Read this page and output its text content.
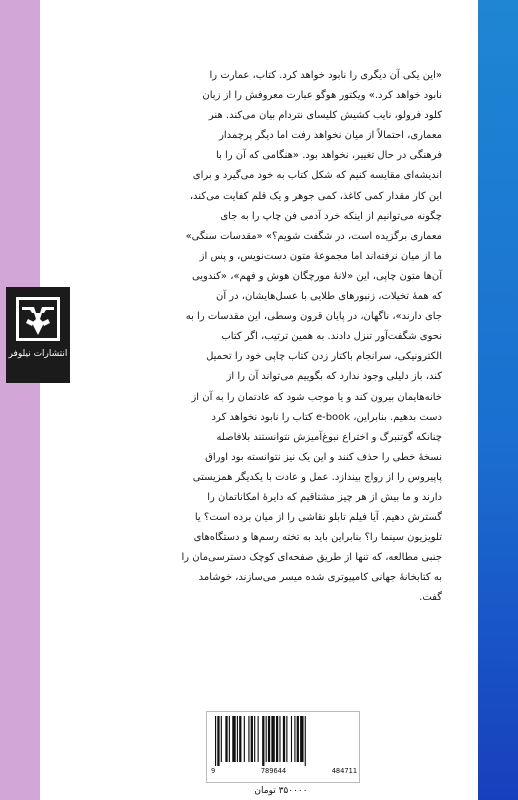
انتشارات نیلوفر
«این یکی آن دیگری را نابود خواهد کرد. کتاب، عمارت را
نابود خواهد کرد.» ویکتور هوگو عبارت معروفش را از زبان
کلود فرولو، نایب کشیش کلیسای نتردام بیان می‌کند. هنر
معماری، احتمالاً از میان نخواهد رفت اما دیگر پرچمدار
فرهنگی در حال تغییر، نخواهد بود. «هنگامی که آن را با
اندیشه‌ای مقایسه کنیم که شکل کتاب به خود می‌گیرد و برای
این کار مقدار کمی کاغذ، کمی جوهر و یک قلم کفایت می‌کند،
چگونه می‌توانیم از اینکه خرد آدمی فن چاپ را به جای
معماری برگزیده است، در شگفت شویم؟» «مقدسات سنگی»
ما از میان نرفته‌اند اما مجموعهٔ متون دست‌نویس، و پس از
آن‌ها متون چاپی، این «لانهٔ مورچگان هوش و فهم»، «کندویی
که همهٔ تخیلات، زنبورهای طلایی با عسل‌هایشان، در آن
جای دارند»، ناگهان، در پایان قرون وسطی، این مقدسات را به
نحوی شگفت‌آور تنزل دادند. به همین ترتیب، اگر کتاب
الکترونیکی، سرانجام باکتار زدن کتاب چاپی خود را تحمیل
کند، باز دلیلی وجود ندارد که بگوییم می‌تواند آن را از
خانه‌هایمان بیرون کند و یا موجب شود که عادتمان را به آن از
دست بدهیم. بنابراین، e-book کتاب را نابود نخواهد کرد
چنانکه گوتنبرگ و اختراع نبوغ‌آمیزش نتوانستند بلافاصله
نسخهٔ خطی را حذف کنند و این یک نیز نتوانسته بود اوراق
پاپیروس را از رواج بیندازد. عمل و عادت با یکدیگر همزیستی
دارند و ما بیش از هر چیز مشتاقیم که دایرهٔ امکاناتمان را
گسترش دهیم. آیا فیلم تابلو نقاشی را از میان برده است؟ یا
تلویزیون سینما را؟ بنابراین باید به تخته رسم‌ها و دستگاه‌های
جنبی مطالعه، که تنها از طریق صفحه‌ای کوچک دسترسی‌مان را
به کتابخانهٔ جهانی کامپیوتری شده میسر می‌سازند، خوشامد
گفت.
9	789644	484711
۳۵۰۰۰۰ تومان
